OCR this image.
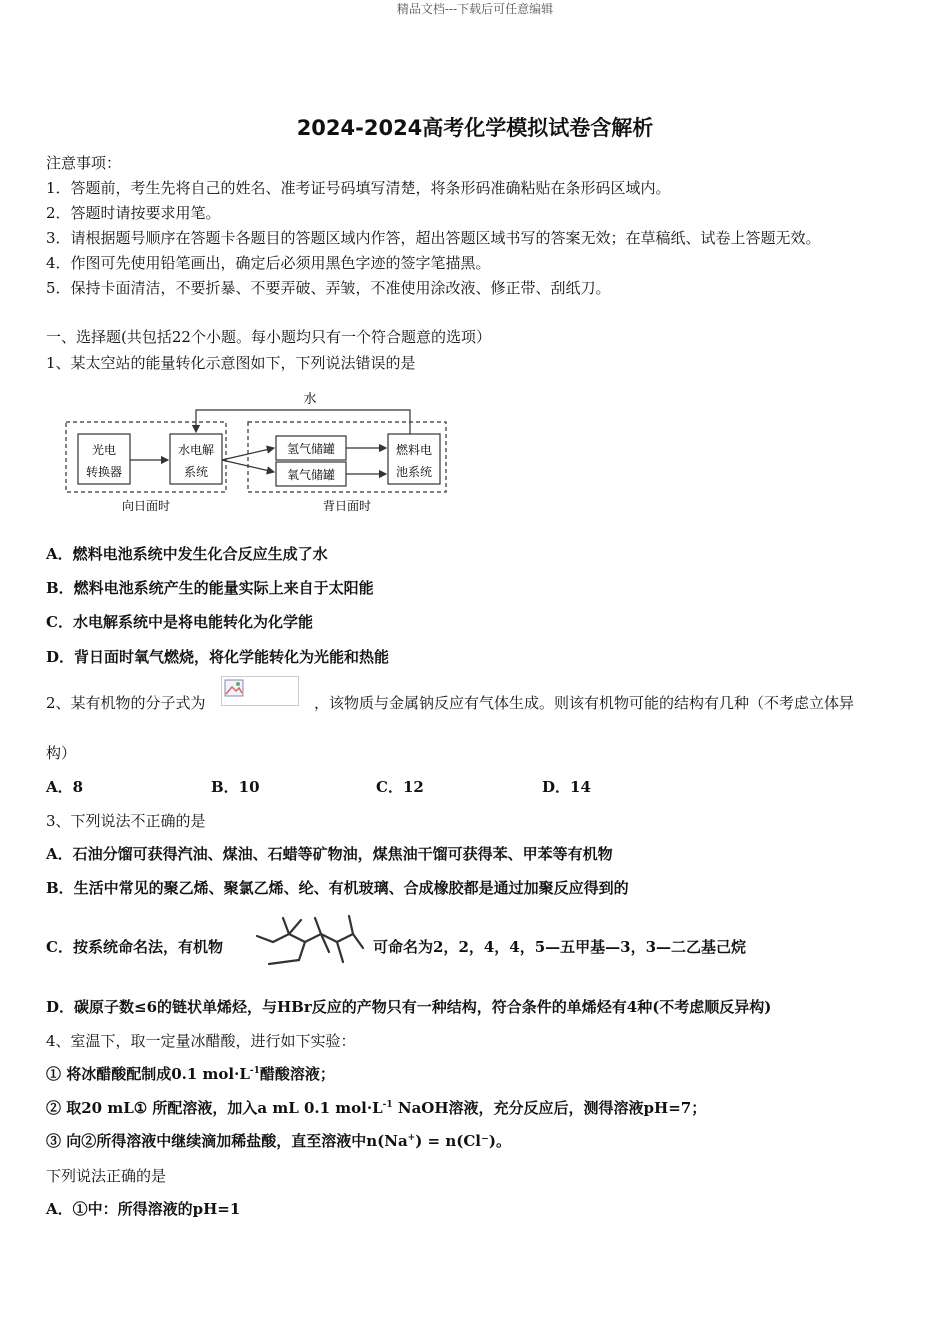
精品文档---下载后可任意编辑
2024-2024高考化学模拟试卷含解析
注意事项：
1．答题前，考生先将自己的姓名、准考证号码填写清楚，将条形码准确粘贴在条形码区域内。
2．答题时请按要求用笔。
3．请根据题号顺序在答题卡各题目的答题区域内作答，超出答题区域书写的答案无效；在草稿纸、试卷上答题无效。
4．作图可先使用铅笔画出，确定后必须用黑色字迹的签字笔描黑。
5．保持卡面清洁，不要折暴、不要弄破、弄皱，不准使用涂改液、修正带、刮纸刀。
一、选择题(共包括22个小题。每小题均只有一个符合题意的选项）
1、某太空站的能量转化示意图如下，下列说法错误的是
水
光电
转换器
水电解
系统
氢气储罐
氧气储罐
燃料电
池系统
向日面时	背日面时
A．燃料电池系统中发生化合反应生成了水
B．燃料电池系统产生的能量实际上来自于太阳能
C．水电解系统中是将电能转化为化学能
D．背日面时氧气燃烧，将化学能转化为光能和热能
2、某有机物的分子式为	，该物质与金属钠反应有气体生成。则该有机物可能的结构有几种（不考虑立体异
构）
A．8	B．10	C．12	D．14
3、下列说法不正确的是
A．石油分馏可获得汽油、煤油、石蜡等矿物油，煤焦油干馏可获得苯、甲苯等有机物
B．生活中常见的聚乙烯、聚氯乙烯、纶、有机玻璃、合成橡胶都是通过加聚反应得到的
C．按系统命名法，有机物	可命名为2，2，4，4，5—五甲基—3，3—二乙基己烷
D．碳原子数≤6的链状单烯烃，与HBr反应的产物只有一种结构，符合条件的单烯烃有4种(不考虑顺反异构)
4、室温下，取一定量冰醋酸，进行如下实验：
① 将冰醋酸配制成0.1 $mol\cdot L^{-1}$醋酸溶液；
② 取20 mL① 所配溶液，加入a mL 0.1 $mol\cdot L^{-1}$ NaOH溶液，充分反应后，测得溶液pH=7；
③ 向②所得溶液中继续滴加稀盐酸，直至溶液中n(Na+) = n(Cl⁻)。
下列说法正确的是
A．①中：所得溶液的pH=1
